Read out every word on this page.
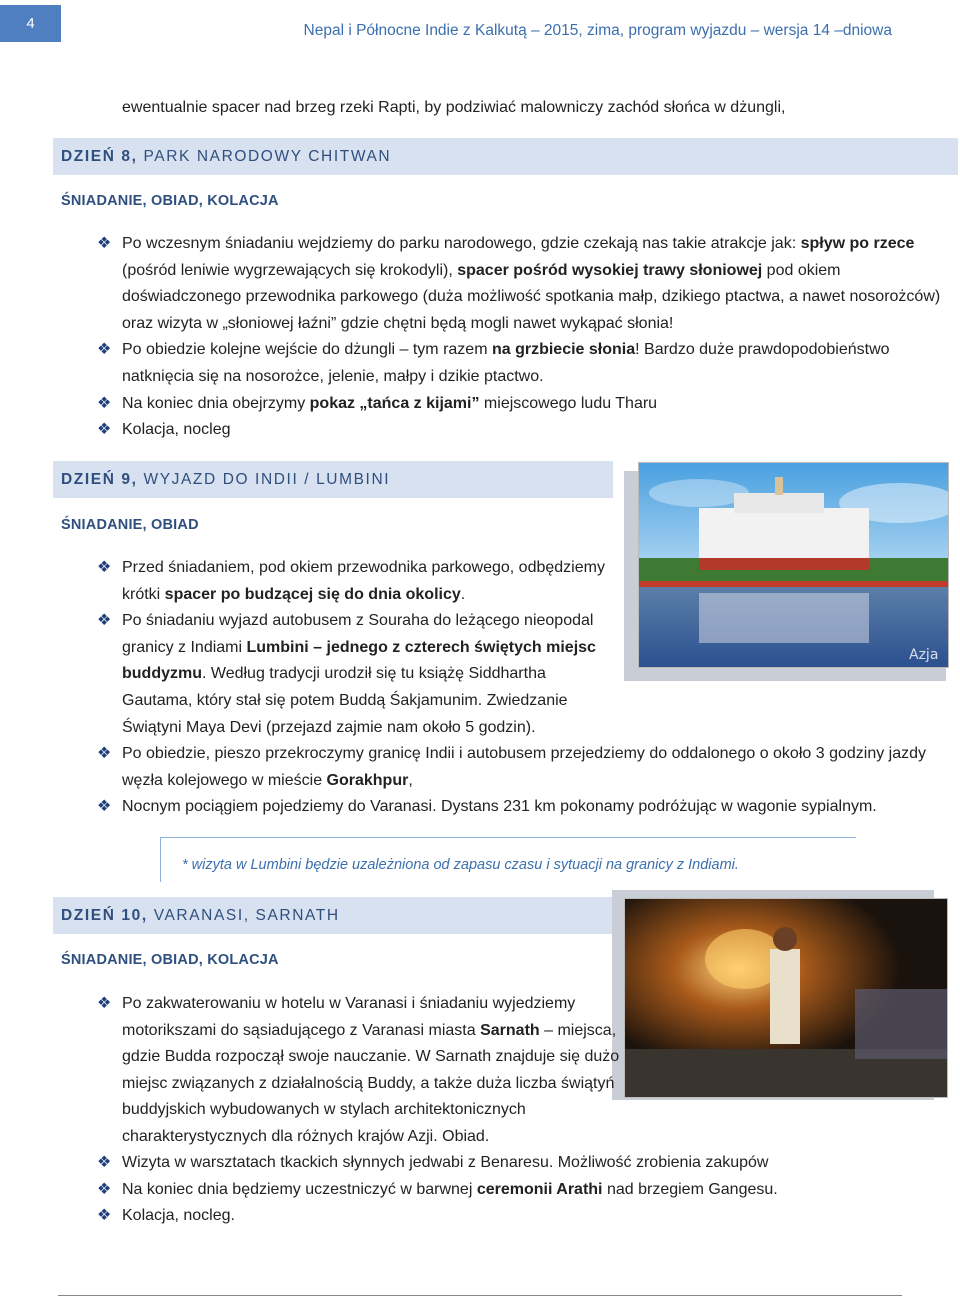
4	Nepal i Północne Indie z Kalkutą – 2015, zima, program wyjazdu – wersja 14 –dniowa
ewentualnie spacer nad brzeg rzeki Rapti, by podziwiać malowniczy zachód słońca w dżungli,
DZIEŃ 8,
PARK NARODOWY CHITWAN
ŚNIADANIE, OBIAD, KOLACJA
❖ Po wczesnym śniadaniu wejdziemy do parku narodowego, gdzie czekają nas takie atrakcje jak: spływ po rzece (pośród leniwie wygrzewających się krokodyli), spacer pośród wysokiej trawy słoniowej pod okiem doświadczonego przewodnika parkowego (duża możliwość spotkania małp, dzikiego ptactwa, a nawet nosorożców) oraz wizyta w „słoniowej łaźni” gdzie chętni będą mogli nawet wykąpać słonia!
❖ Po obiedzie kolejne wejście do dżungli – tym razem na grzbiecie słonia! Bardzo duże prawdopodobieństwo natknięcia się na nosorożce, jelenie, małpy i dzikie ptactwo.
❖ Na koniec dnia obejrzymy pokaz „tańca z kijami” miejscowego ludu Tharu
❖ Kolacja, nocleg
DZIEŃ 9,
WYJAZD DO INDII / LUMBINI
ŚNIADANIE, OBIAD
Azja
❖ Przed śniadaniem, pod okiem przewodnika parkowego, odbędziemy krótki spacer po budzącej się do dnia okolicy.
❖ Po śniadaniu wyjazd autobusem z Souraha do leżącego nieopodal granicy z Indiami Lumbini – jednego z czterech świętych miejsc buddyzmu. Według tradycji urodził się tu książę Siddhartha Gautama, który stał się potem Buddą Śakjamunim. Zwiedzanie Świątyni Maya Devi (przejazd zajmie nam około 5 godzin).
❖ Po obiedzie, pieszo przekroczymy granicę Indii i autobusem przejedziemy do oddalonego o około 3 godziny jazdy węzła kolejowego w mieście Gorakhpur,
❖ Nocnym pociągiem pojedziemy do Varanasi. Dystans 231 km pokonamy podróżując w wagonie sypialnym.
* wizyta w Lumbini będzie uzależniona od zapasu czasu i sytuacji na granicy z Indiami.
DZIEŃ 10,
VARANASI, SARNATH
ŚNIADANIE, OBIAD, KOLACJA
❖ Po zakwaterowaniu w hotelu w Varanasi i śniadaniu wyjedziemy motorikszami do sąsiadującego z Varanasi miasta Sarnath – miejsca, gdzie Budda rozpoczął swoje nauczanie. W Sarnath znajduje się dużo miejsc związanych z działalnością Buddy, a także duża liczba świątyń buddyjskich wybudowanych w stylach architektonicznych charakterystycznych dla różnych krajów Azji. Obiad.
❖ Wizyta w warsztatach tkackich słynnych jedwabi z Benaresu. Możliwość zrobienia zakupów
❖ Na koniec dnia będziemy uczestniczyć w barwnej ceremonii Arathi nad brzegiem Gangesu.
❖ Kolacja, nocleg.
